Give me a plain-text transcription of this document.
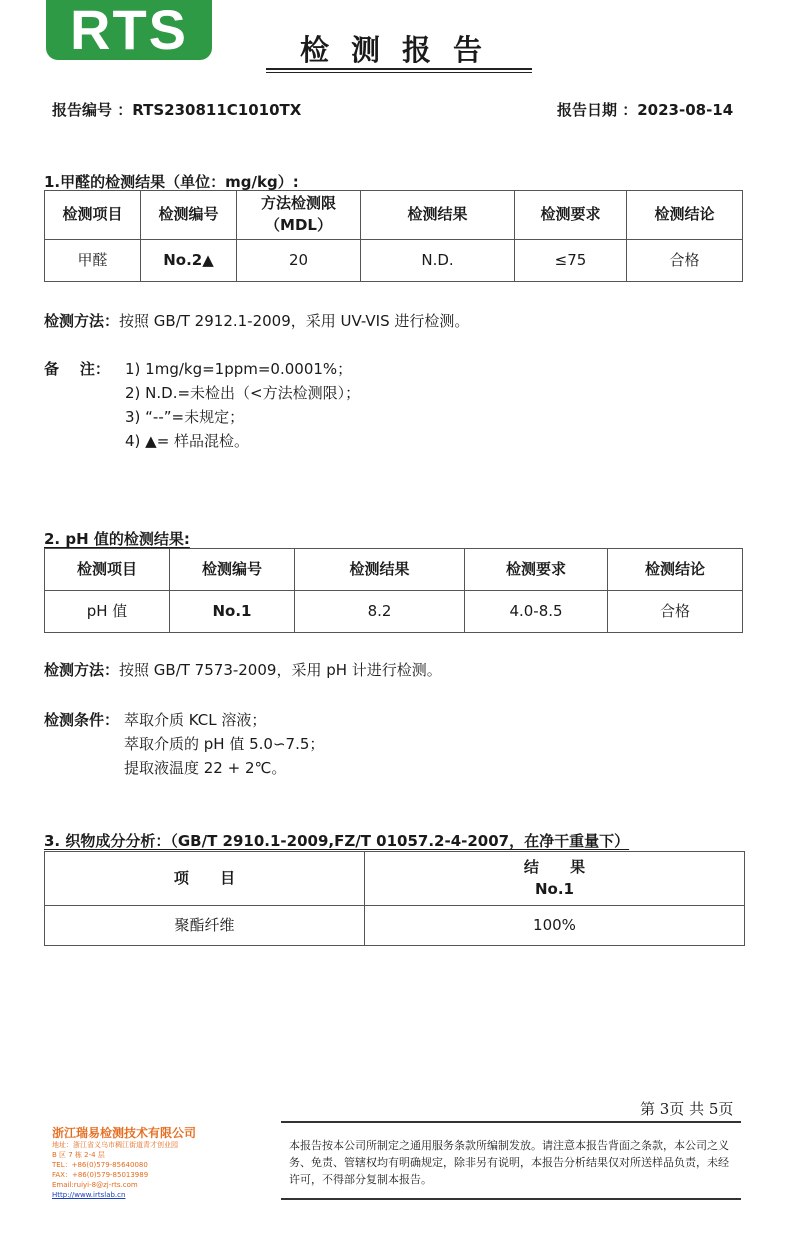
RTS	检测报告
报告编号 ：RTS230811C1010TX	报告日期 ：2023-08-14
1.甲醛的检测结果（单位：mg/kg）:
检测项目	检测编号	方法检测限
（MDL）	检测结果	检测要求	检测结论
甲醛	No.2▲	20	N.D.	≤75	合格
检测方法：按照 GB/T 2912.1-2009，采用 UV-VIS 进行检测。
备    注： 1) 1mg/kg=1ppm=0.0001%；
2) N.D.=未检出（<方法检测限）；
3) “--”=未规定；
4) ▲= 样品混检。
2. pH 值的检测结果:
检测项目	检测编号	检测结果	检测要求	检测结论
pH 值	No.1	8.2	4.0-8.5	合格
检测方法：按照 GB/T 7573-2009，采用 pH 计进行检测。
检测条件： 萃取介质 KCL 溶液；
萃取介质的 pH 值 5.0∽7.5；
提取液温度 22 + 2℃。
3. 织物成分分析：（GB/T 2910.1-2009,FZ/T 01057.2-4-2007，在净干重量下）
项      目	结      果
No.1
聚酯纤维	100%
第 3页 共 5页
本报告按本公司所制定之通用服务条款所编制发放。请注意本报告背面之条款，本公司之义务、免责、管辖权均有明确规定，除非另有说明，本报告分析结果仅对所送样品负责，未经许可，不得部分复制本报告。
浙江瑞易检测技术有限公司
地址：浙江省义乌市稠江街道青才创业园
B 区 7 栋 2-4 层
TEL：+86(0)579-85640080
FAX：+86(0)579-85013989
Email:ruiyi-8@zj-rts.com
Http://www.irtslab.cn
